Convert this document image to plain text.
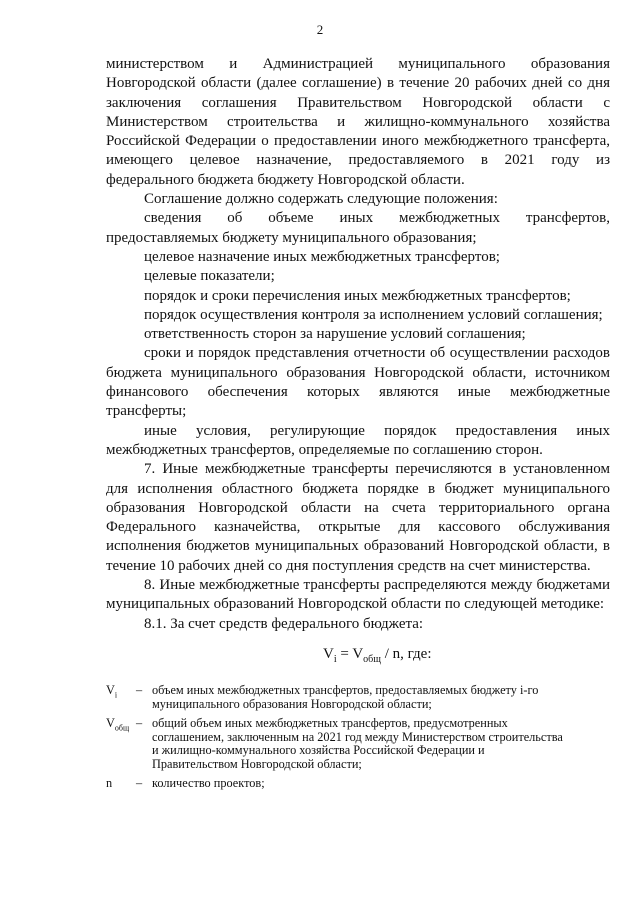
2

министерством и Администрацией муниципального образования Новгородской области (далее соглашение) в течение 20 рабочих дней со дня заключения соглашения Правительством Новгородской области с Министерством строительства и жилищно-коммунального хозяйства Российской Федерации о предоставлении иного межбюджетного трансферта, имеющего целевое назначение, предоставляемого в 2021 году из федерального бюджета бюджету Новгородской области.

Соглашение должно содержать следующие положения:

сведения об объеме иных межбюджетных трансфертов, предоставляемых бюджету муниципального образования;

целевое назначение иных межбюджетных трансфертов;

целевые показатели;

порядок и сроки перечисления иных межбюджетных трансфертов;

порядок осуществления контроля за исполнением условий соглашения;

ответственность сторон за нарушение условий соглашения;

сроки и порядок представления отчетности об осуществлении расходов бюджета муниципального образования Новгородской области, источником финансового обеспечения которых являются иные межбюджетные трансферты;

иные условия, регулирующие порядок предоставления иных межбюджетных трансфертов, определяемые по соглашению сторон.

7. Иные межбюджетные трансферты перечисляются в установленном для исполнения областного бюджета порядке в бюджет муниципального образования Новгородской области на счета территориального органа Федерального казначейства, открытые для кассового обслуживания исполнения бюджетов муниципальных образований Новгородской области, в течение 10 рабочих дней со дня поступления средств на счет министерства.

8. Иные межбюджетные трансферты распределяются между бюджетами муниципальных образований Новгородской области по следующей методике:

8.1. За счет средств федерального бюджета:

$V_i = V_{общ} / n$, где:
$V_i$	– объем иных межбюджетных трансфертов, предоставляемых бюджету i-го муниципального образования Новгородской области;
$V_{общ}$ – общий объем иных межбюджетных трансфертов, предусмотренных соглашением, заключенным на 2021 год между Министерством строительства и жилищно-коммунального хозяйства Российской Федерации и Правительством Новгородской области;
n	– количество проектов;
